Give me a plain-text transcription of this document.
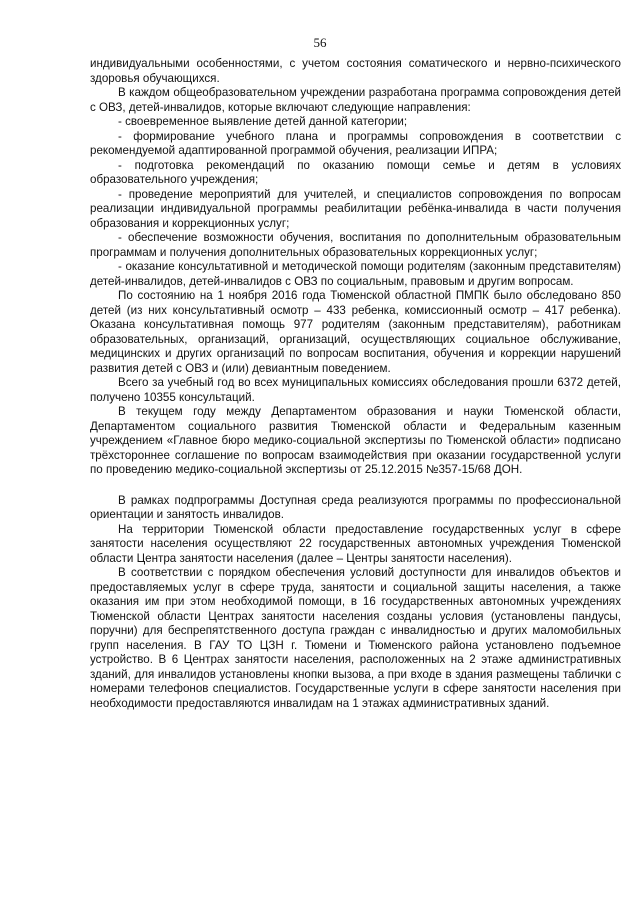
56

индивидуальными особенностями, с учетом состояния соматического и нервно-психического здоровья обучающихся.

В каждом общеобразовательном учреждении разработана программа сопровождения детей с ОВЗ, детей-инвалидов, которые включают следующие направления:

- своевременное выявление детей данной категории;

- формирование учебного плана и программы сопровождения в соответствии с рекомендуемой адаптированной программой обучения, реализации ИПРА;

- подготовка рекомендаций по оказанию помощи семье и детям в условиях образовательного учреждения;

- проведение мероприятий для учителей, и специалистов сопровождения по вопросам реализации индивидуальной программы реабилитации ребёнка-инвалида в части получения образования и коррекционных услуг;

- обеспечение возможности обучения, воспитания по дополнительным образовательным программам и получения дополнительных образовательных коррекционных услуг;

- оказание консультативной и методической помощи родителям (законным представителям) детей-инвалидов, детей-инвалидов с ОВЗ по социальным, правовым и другим вопросам.

По состоянию на 1 ноября 2016 года Тюменской областной ПМПК было обследовано 850 детей (из них консультативный осмотр – 433 ребенка, комиссионный осмотр – 417 ребенка). Оказана консультативная помощь 977 родителям (законным представителям), работникам образовательных, организаций, организаций, осуществляющих социальное обслуживание, медицинских и других организаций по вопросам воспитания, обучения и коррекции нарушений развития детей с ОВЗ и (или) девиантным поведением.

Всего за учебный год во всех муниципальных комиссиях обследования прошли 6372 детей, получено 10355 консультаций.

В текущем году между Департаментом образования и науки Тюменской области, Департаментом социального развития Тюменской области и Федеральным казенным учреждением «Главное бюро медико-социальной экспертизы по Тюменской области» подписано трёхстороннее соглашение по вопросам взаимодействия при оказании государственной услуги по проведению медико-социальной экспертизы от 25.12.2015 №357-15/68 ДОН.

В рамках подпрограммы Доступная среда реализуются программы по профессиональной ориентации и занятость инвалидов.

На территории Тюменской области предоставление государственных услуг в сфере занятости населения осуществляют 22 государственных автономных учреждения Тюменской области Центра занятости населения (далее – Центры занятости населения).

В соответствии с порядком обеспечения условий доступности для инвалидов объектов и предоставляемых услуг в сфере труда, занятости и социальной защиты населения, а также оказания им при этом необходимой помощи, в 16 государственных автономных учреждениях Тюменской области Центрах занятости населения созданы условия (установлены пандусы, поручни) для беспрепятственного доступа граждан с инвалидностью и других маломобильных групп населения. В ГАУ ТО ЦЗН г. Тюмени и Тюменского района установлено подъемное устройство. В 6 Центрах занятости населения, расположенных на 2 этаже административных зданий, для инвалидов установлены кнопки вызова, а при входе в здания размещены таблички с номерами телефонов специалистов. Государственные услуги в сфере занятости населения при необходимости предоставляются инвалидам на 1 этажах административных зданий.
